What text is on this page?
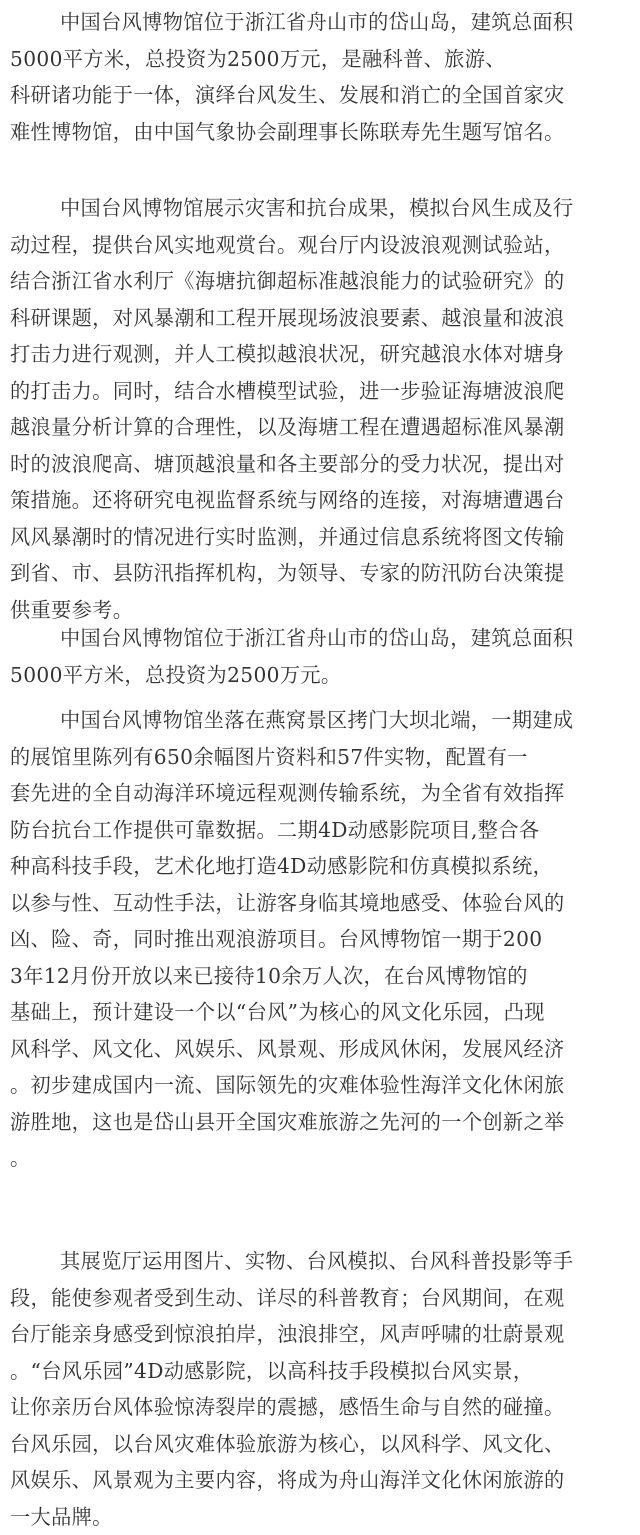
中国台风博物馆位于浙江省舟山市的岱山岛，建筑总面积
5000平方米，总投资为2500万元，是融科普、旅游、
科研诸功能于一体，演绎台风发生、发展和消亡的全国首家灾
难性博物馆，由中国气象协会副理事长陈联寿先生题写馆名。

中国台风博物馆展示灾害和抗台成果，模拟台风生成及行
动过程，提供台风实地观赏台。观台厅内设波浪观测试验站，
结合浙江省水利厅《海塘抗御超标准越浪能力的试验研究》的
科研课题，对风暴潮和工程开展现场波浪要素、越浪量和波浪
打击力进行观测，并人工模拟越浪状况，研究越浪水体对塘身
的打击力。同时，结合水槽模型试验，进一步验证海塘波浪爬
越浪量分析计算的合理性，以及海塘工程在遭遇超标准风暴潮
时的波浪爬高、塘顶越浪量和各主要部分的受力状况，提出对
策措施。还将研究电视监督系统与网络的连接，对海塘遭遇台
风风暴潮时的情况进行实时监测，并通过信息系统将图文传输
到省、市、县防汛指挥机构，为领导、专家的防汛防台决策提
供重要参考。

中国台风博物馆位于浙江省舟山市的岱山岛，建筑总面积
5000平方米，总投资为2500万元。

中国台风博物馆坐落在燕窝景区拷门大坝北端，一期建成
的展馆里陈列有650余幅图片资料和57件实物，配置有一
套先进的全自动海洋环境远程观测传输系统，为全省有效指挥
防台抗台工作提供可靠数据。二期4D动感影院项目,整合各
种高科技手段，艺术化地打造4D动感影院和仿真模拟系统，
以参与性、互动性手法，让游客身临其境地感受、体验台风的
凶、险、奇，同时推出观浪游项目。台风博物馆一期于200
3年12月份开放以来已接待10余万人次，在台风博物馆的
基础上，预计建设一个以“台风”为核心的风文化乐园，凸现
风科学、风文化、风娱乐、风景观、形成风休闲，发展风经济
。初步建成国内一流、国际领先的灾难体验性海洋文化休闲旅
游胜地，这也是岱山县开全国灾难旅游之先河的一个创新之举
。

其展览厅运用图片、实物、台风模拟、台风科普投影等手
段，能使参观者受到生动、详尽的科普教育；台风期间，在观
台厅能亲身感受到惊浪拍岸，浊浪排空，风声呼啸的壮蔚景观
。“台风乐园”4D动感影院，以高科技手段模拟台风实景，
让你亲历台风体验惊涛裂岸的震撼，感悟生命与自然的碰撞。
台风乐园，以台风灾难体验旅游为核心，以风科学、风文化、
风娱乐、风景观为主要内容，将成为舟山海洋文化休闲旅游的
一大品牌。
